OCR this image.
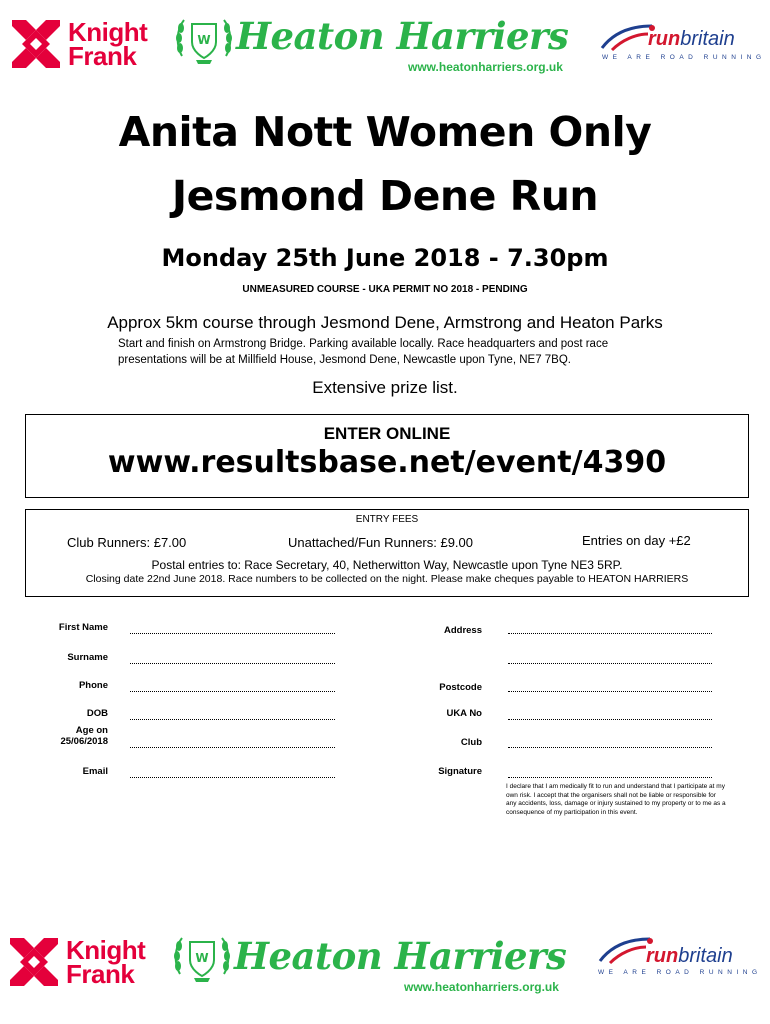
Knight
Frank
W Heaton Harriers
www.heatonharriers.org.uk
runbritain
WE ARE ROAD RUNNING
Anita Nott Women Only
Jesmond Dene Run
Monday 25th June 2018 - 7.30pm
UNMEASURED COURSE - UKA PERMIT NO 2018 - PENDING
Approx 5km course through Jesmond Dene, Armstrong and Heaton Parks
Start and finish on Armstrong Bridge. Parking available locally. Race headquarters and post race
presentations will be at Millfield House, Jesmond Dene, Newcastle upon Tyne, NE7 7BQ.
Extensive prize list.
ENTER ONLINE
www.resultsbase.net/event/4390
ENTRY FEES
Club Runners: £7.00	Unattached/Fun Runners: £9.00	Entries on day +£2
Postal entries to: Race Secretary, 40, Netherwitton Way, Newcastle upon Tyne NE3 5RP.
Closing date 22nd June 2018. Race numbers to be collected on the night. Please make cheques payable to HEATON HARRIERS
First Name
Surname
Phone
DOB
Age on
25/06/2018
Email
Address
Postcode
UKA No
Club
Signature
I declare that I am medically fit to run and understand that I participate at my own risk. I accept that the organisers shall not be liable or responsible for any accidents, loss, damage or injury sustained to my property or to me as a consequence of my participation in this event.
Knight
Frank
W Heaton Harriers
www.heatonharriers.org.uk
runbritain
WE ARE ROAD RUNNING
